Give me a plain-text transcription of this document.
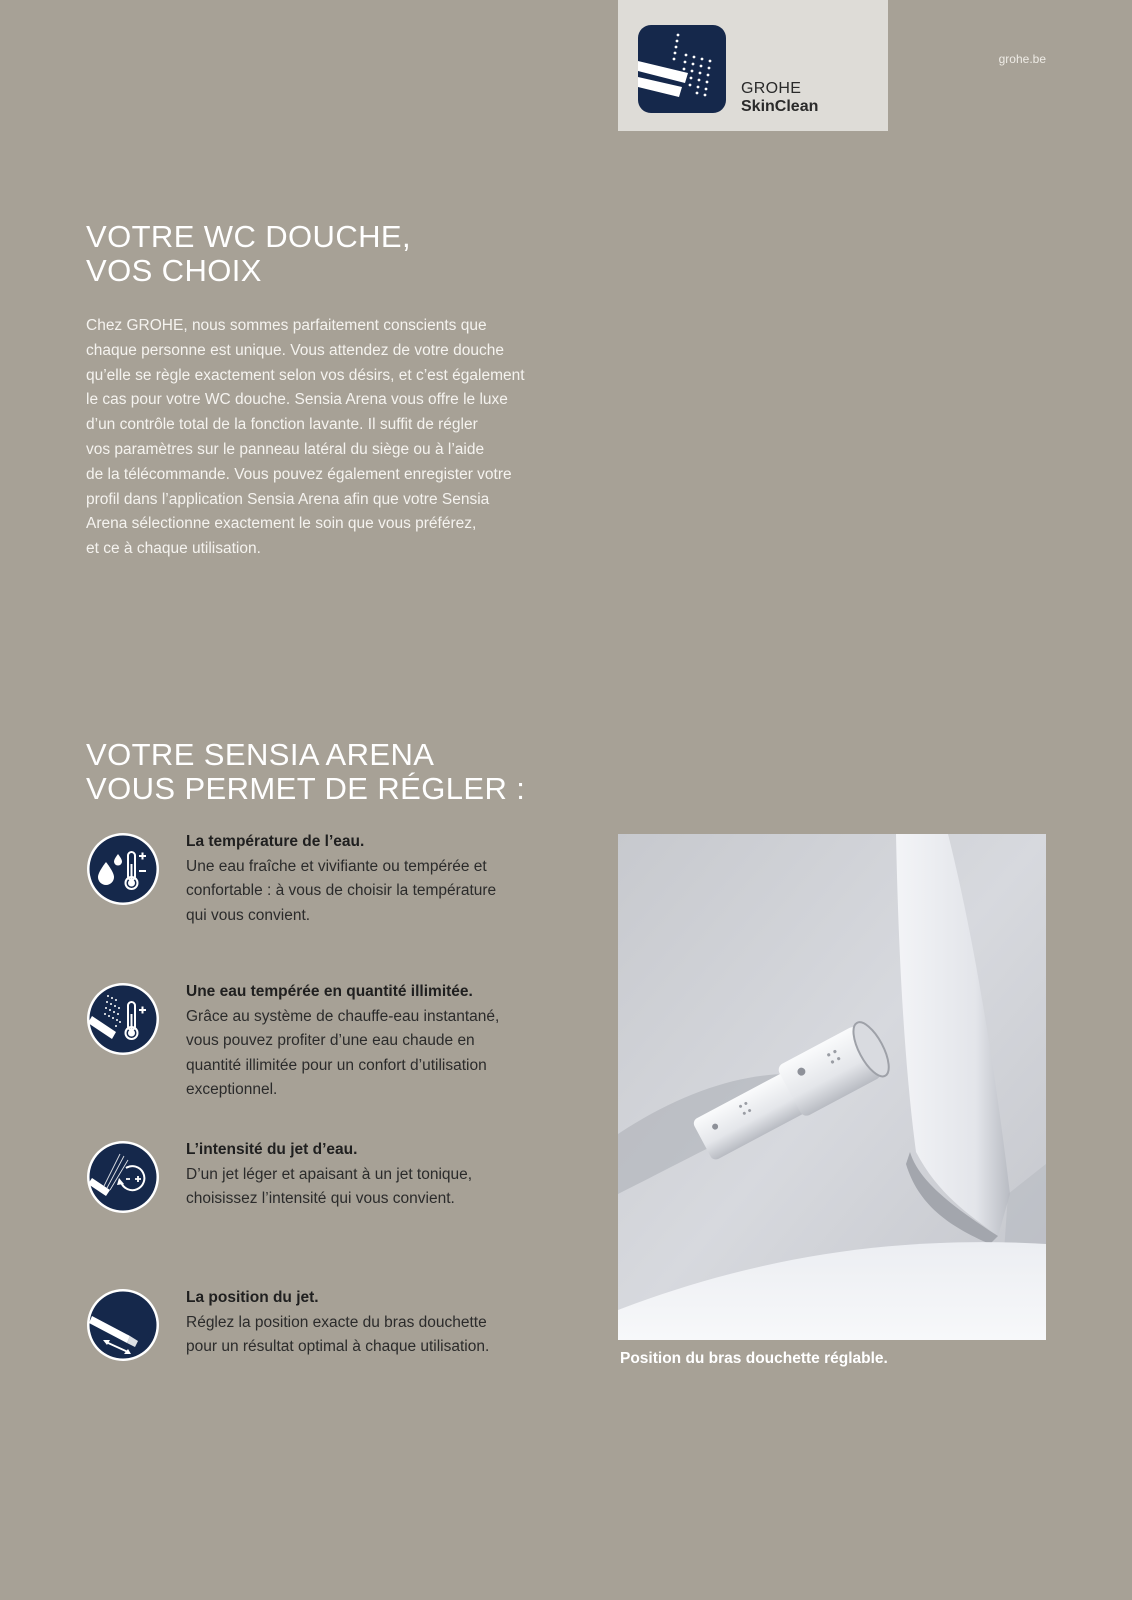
GROHE
SkinClean
grohe.be
VOTRE WC DOUCHE,
VOS CHOIX

Chez GROHE, nous sommes parfaitement conscients que
chaque personne est unique. Vous attendez de votre douche
qu’elle se règle exactement selon vos désirs, et c’est également
le cas pour votre WC douche. Sensia Arena vous offre le luxe
d’un contrôle total de la fonction lavante. Il suffit de régler
vos paramètres sur le panneau latéral du siège ou à l’aide
de la télécommande. Vous pouvez également enregister votre
profil dans l’application Sensia Arena afin que votre Sensia
Arena sélectionne exactement le soin que vous préférez,
et ce à chaque utilisation.

VOTRE SENSIA ARENA
VOUS PERMET DE RÉGLER :
La température de l’eau.
Une eau fraîche et vivifiante ou tempérée et
confortable : à vous de choisir la température
qui vous convient.
Une eau tempérée en quantité illimitée.
Grâce au système de chauffe-eau instantané,
vous pouvez profiter d’une eau chaude en
quantité illimitée pour un confort d’utilisation
exceptionnel.
L’intensité du jet d’eau.
D’un jet léger et apaisant à un jet tonique,
choisissez l’intensité qui vous convient.
La position du jet.
Réglez la position exacte du bras douchette
pour un résultat optimal à chaque utilisation.
Position du bras douchette réglable.
